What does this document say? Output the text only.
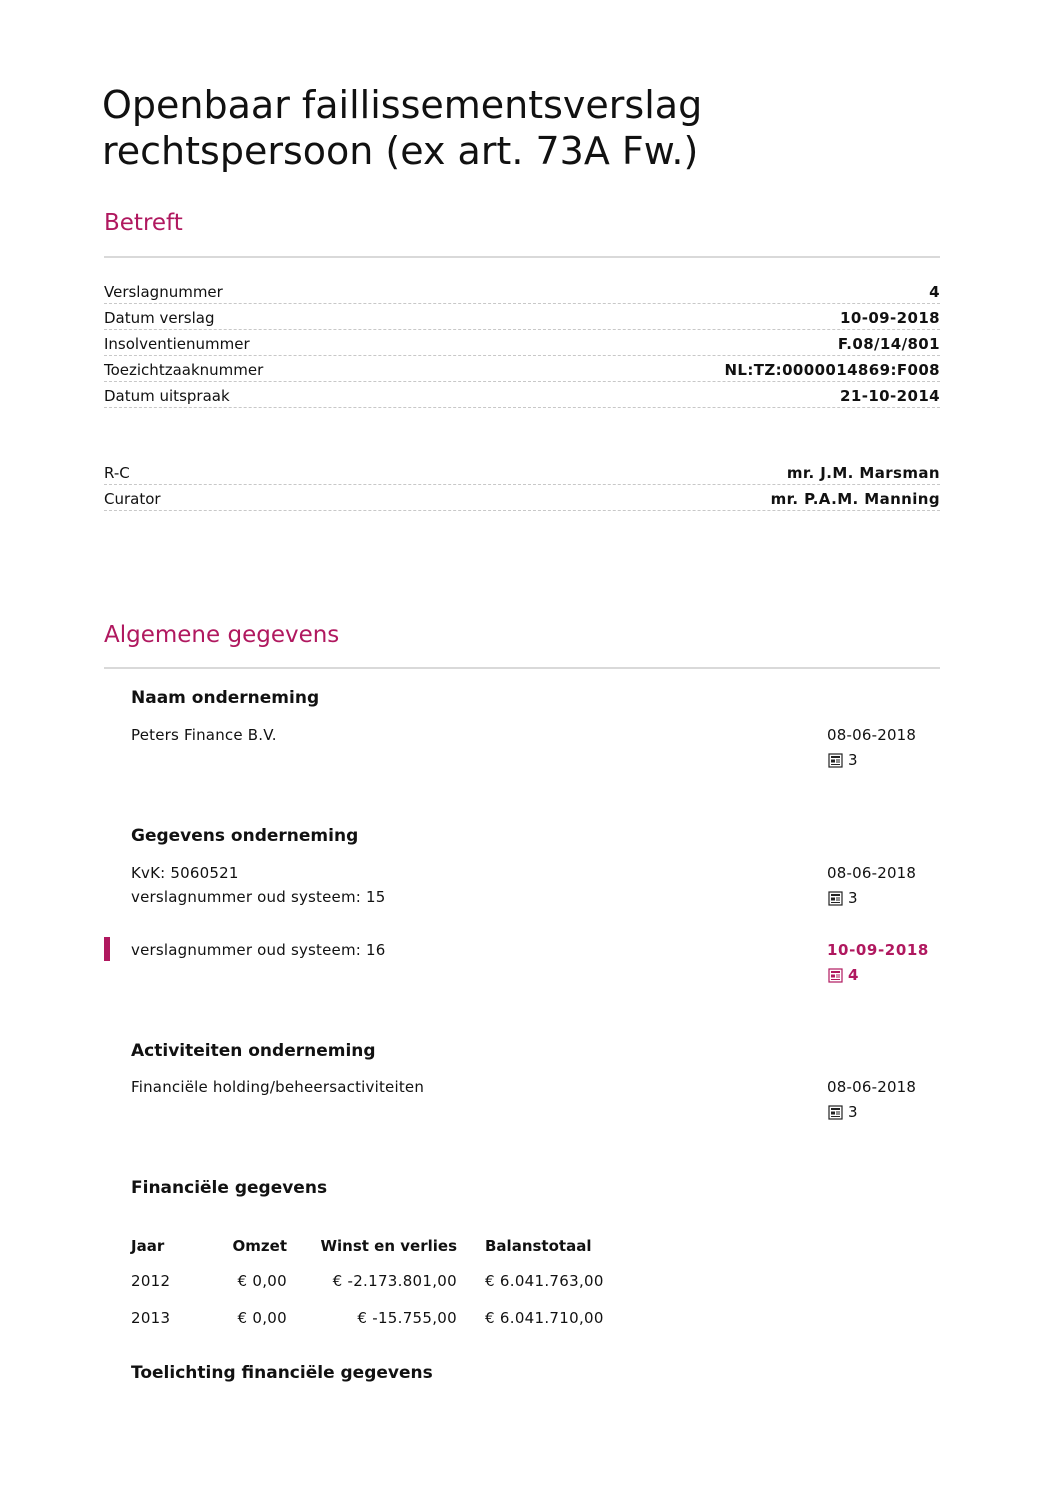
Openbaar faillissementsverslag
rechtspersoon (ex art. 73A Fw.)
Betreft
Verslagnummer	4
Datum verslag	10-09-2018
Insolventienummer	F.08/14/801
Toezichtzaaknummer	NL:TZ:0000014869:F008
Datum uitspraak	21-10-2014
R-C	mr. J.M. Marsman
Curator	mr. P.A.M. Manning
Algemene gegevens
Naam onderneming
Peters Finance B.V.	08-06-2018
3
Gegevens onderneming
KvK: 5060521
verslagnummer oud systeem: 15
08-06-2018
3
verslagnummer oud systeem: 16	10-09-2018
4
Activiteiten onderneming
Financiële holding/beheersactiviteiten	08-06-2018
3
Financiële gegevens
Jaar	Omzet	Winst en verlies	Balanstotaal
2012	€ 0,00	€ -2.173.801,00	€ 6.041.763,00
2013	€ 0,00	€ -15.755,00	€ 6.041.710,00
Toelichting financiële gegevens
